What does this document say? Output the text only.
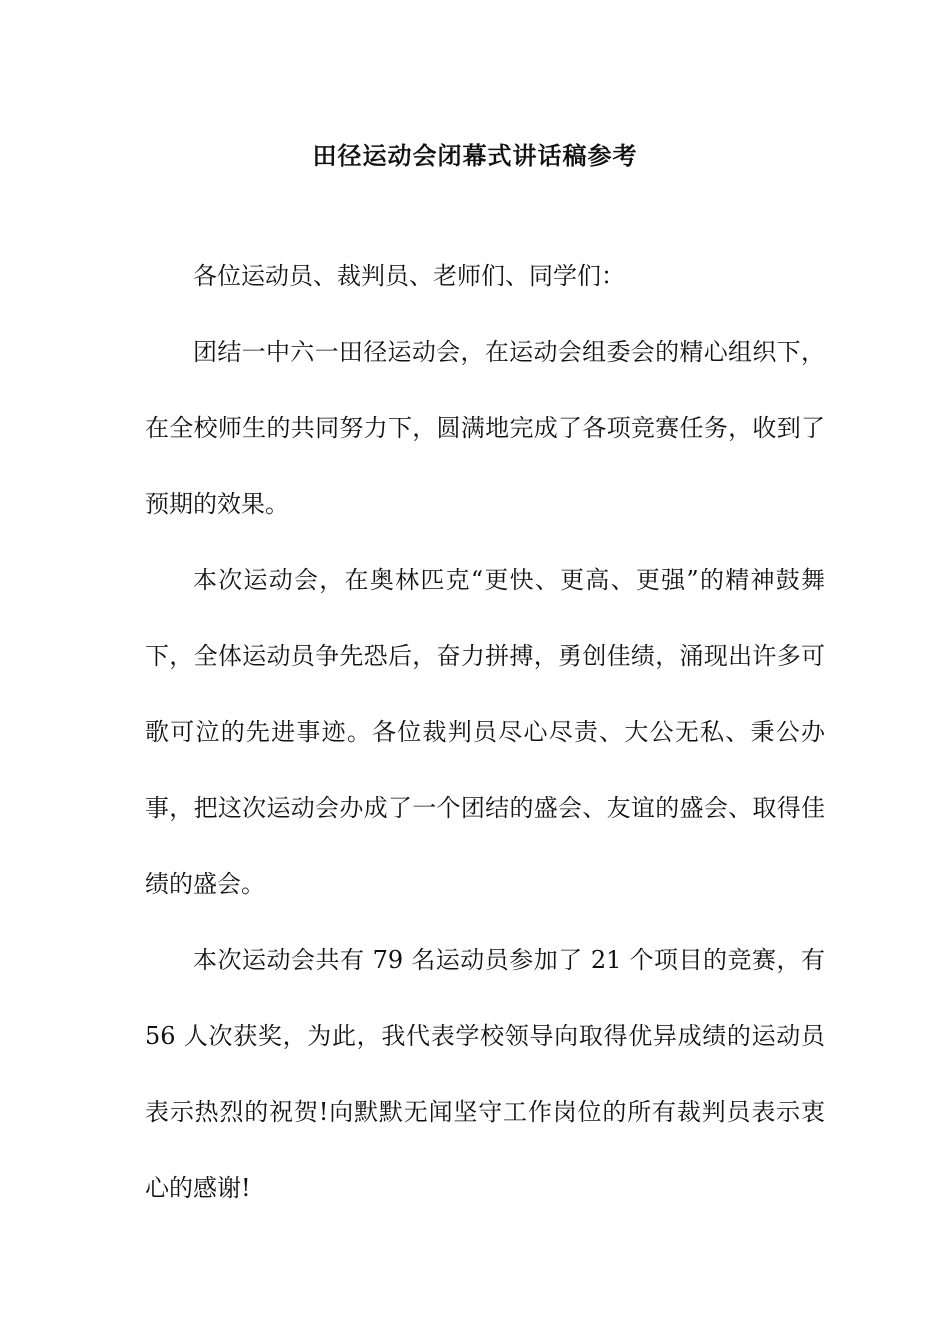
田径运动会闭幕式讲话稿参考

各位运动员、裁判员、老师们、同学们：

团结一中六一田径运动会，在运动会组委会的精心组织下，在全校师生的共同努力下，圆满地完成了各项竞赛任务，收到了预期的效果。

本次运动会，在奥林匹克“更快、更高、更强”的精神鼓舞下，全体运动员争先恐后，奋力拼搏，勇创佳绩，涌现出许多可歌可泣的先进事迹。各位裁判员尽心尽责、大公无私、秉公办事，把这次运动会办成了一个团结的盛会、友谊的盛会、取得佳绩的盛会。

本次运动会共有 79 名运动员参加了 21 个项目的竞赛，有 56 人次获奖，为此，我代表学校领导向取得优异成绩的运动员表示热烈的祝贺!向默默无闻坚守工作岗位的所有裁判员表示衷心的感谢!
